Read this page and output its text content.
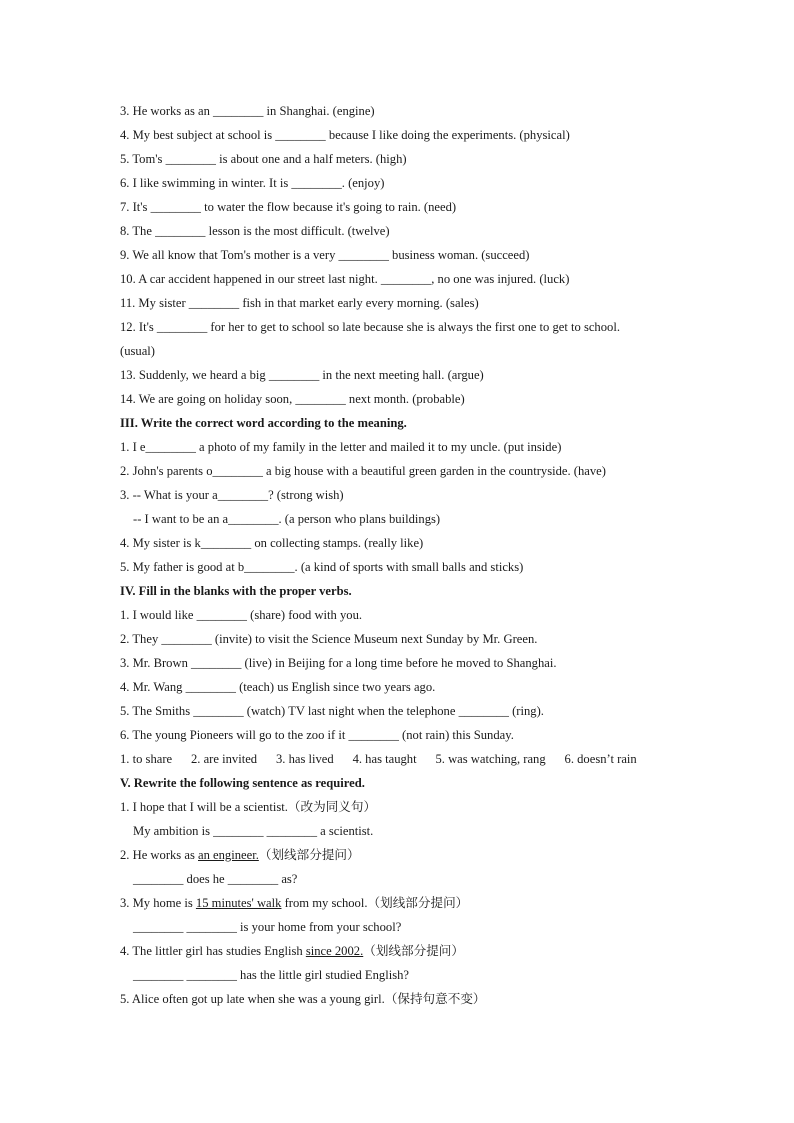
3. He works as an ________ in Shanghai. (engine)
4. My best subject at school is ________ because I like doing the experiments. (physical)
5. Tom's ________ is about one and a half meters. (high)
6. I like swimming in winter. It is ________. (enjoy)
7. It's ________ to water the flow because it's going to rain. (need)
8. The ________ lesson is the most difficult. (twelve)
9. We all know that Tom's mother is a very ________ business woman. (succeed)
10. A car accident happened in our street last night. ________, no one was injured. (luck)
11. My sister ________ fish in that market early every morning. (sales)
12. It's ________ for her to get to school so late because she is always the first one to get to school.
(usual)
13. Suddenly, we heard a big ________ in the next meeting hall. (argue)
14. We are going on holiday soon, ________ next month. (probable)
III. Write the correct word according to the meaning.
1. I e________ a photo of my family in the letter and mailed it to my uncle. (put inside)
2. John's parents o________ a big house with a beautiful green garden in the countryside. (have)
3. -- What is your a________? (strong wish)
-- I want to be an a________. (a person who plans buildings)
4. My sister is k________ on collecting stamps. (really like)
5. My father is good at b________. (a kind of sports with small balls and sticks)
IV. Fill in the blanks with the proper verbs.
1. I would like ________ (share) food with you.
2. They ________ (invite) to visit the Science Museum next Sunday by Mr. Green.
3. Mr. Brown ________ (live) in Beijing for a long time before he moved to Shanghai.
4. Mr. Wang ________ (teach) us English since two years ago.
5. The Smiths ________ (watch) TV last night when the telephone ________ (ring).
6. The young Pioneers will go to the zoo if it ________ (not rain) this Sunday.
1. to share      2. are invited      3. has lived      4. has taught      5. was watching, rang      6. doesn’t rain
V. Rewrite the following sentence as required.
1. I hope that I will be a scientist.（改为同义句）
My ambition is ________ ________ a scientist.
2. He works as an engineer.（划线部分提问）
________ does he ________ as?
3. My home is 15 minutes' walk from my school.（划线部分提问）
________ ________ is your home from your school?
4. The littler girl has studies English since 2002.（划线部分提问）
________ ________ has the little girl studied English?
5. Alice often got up late when she was a young girl.（保持句意不变）
